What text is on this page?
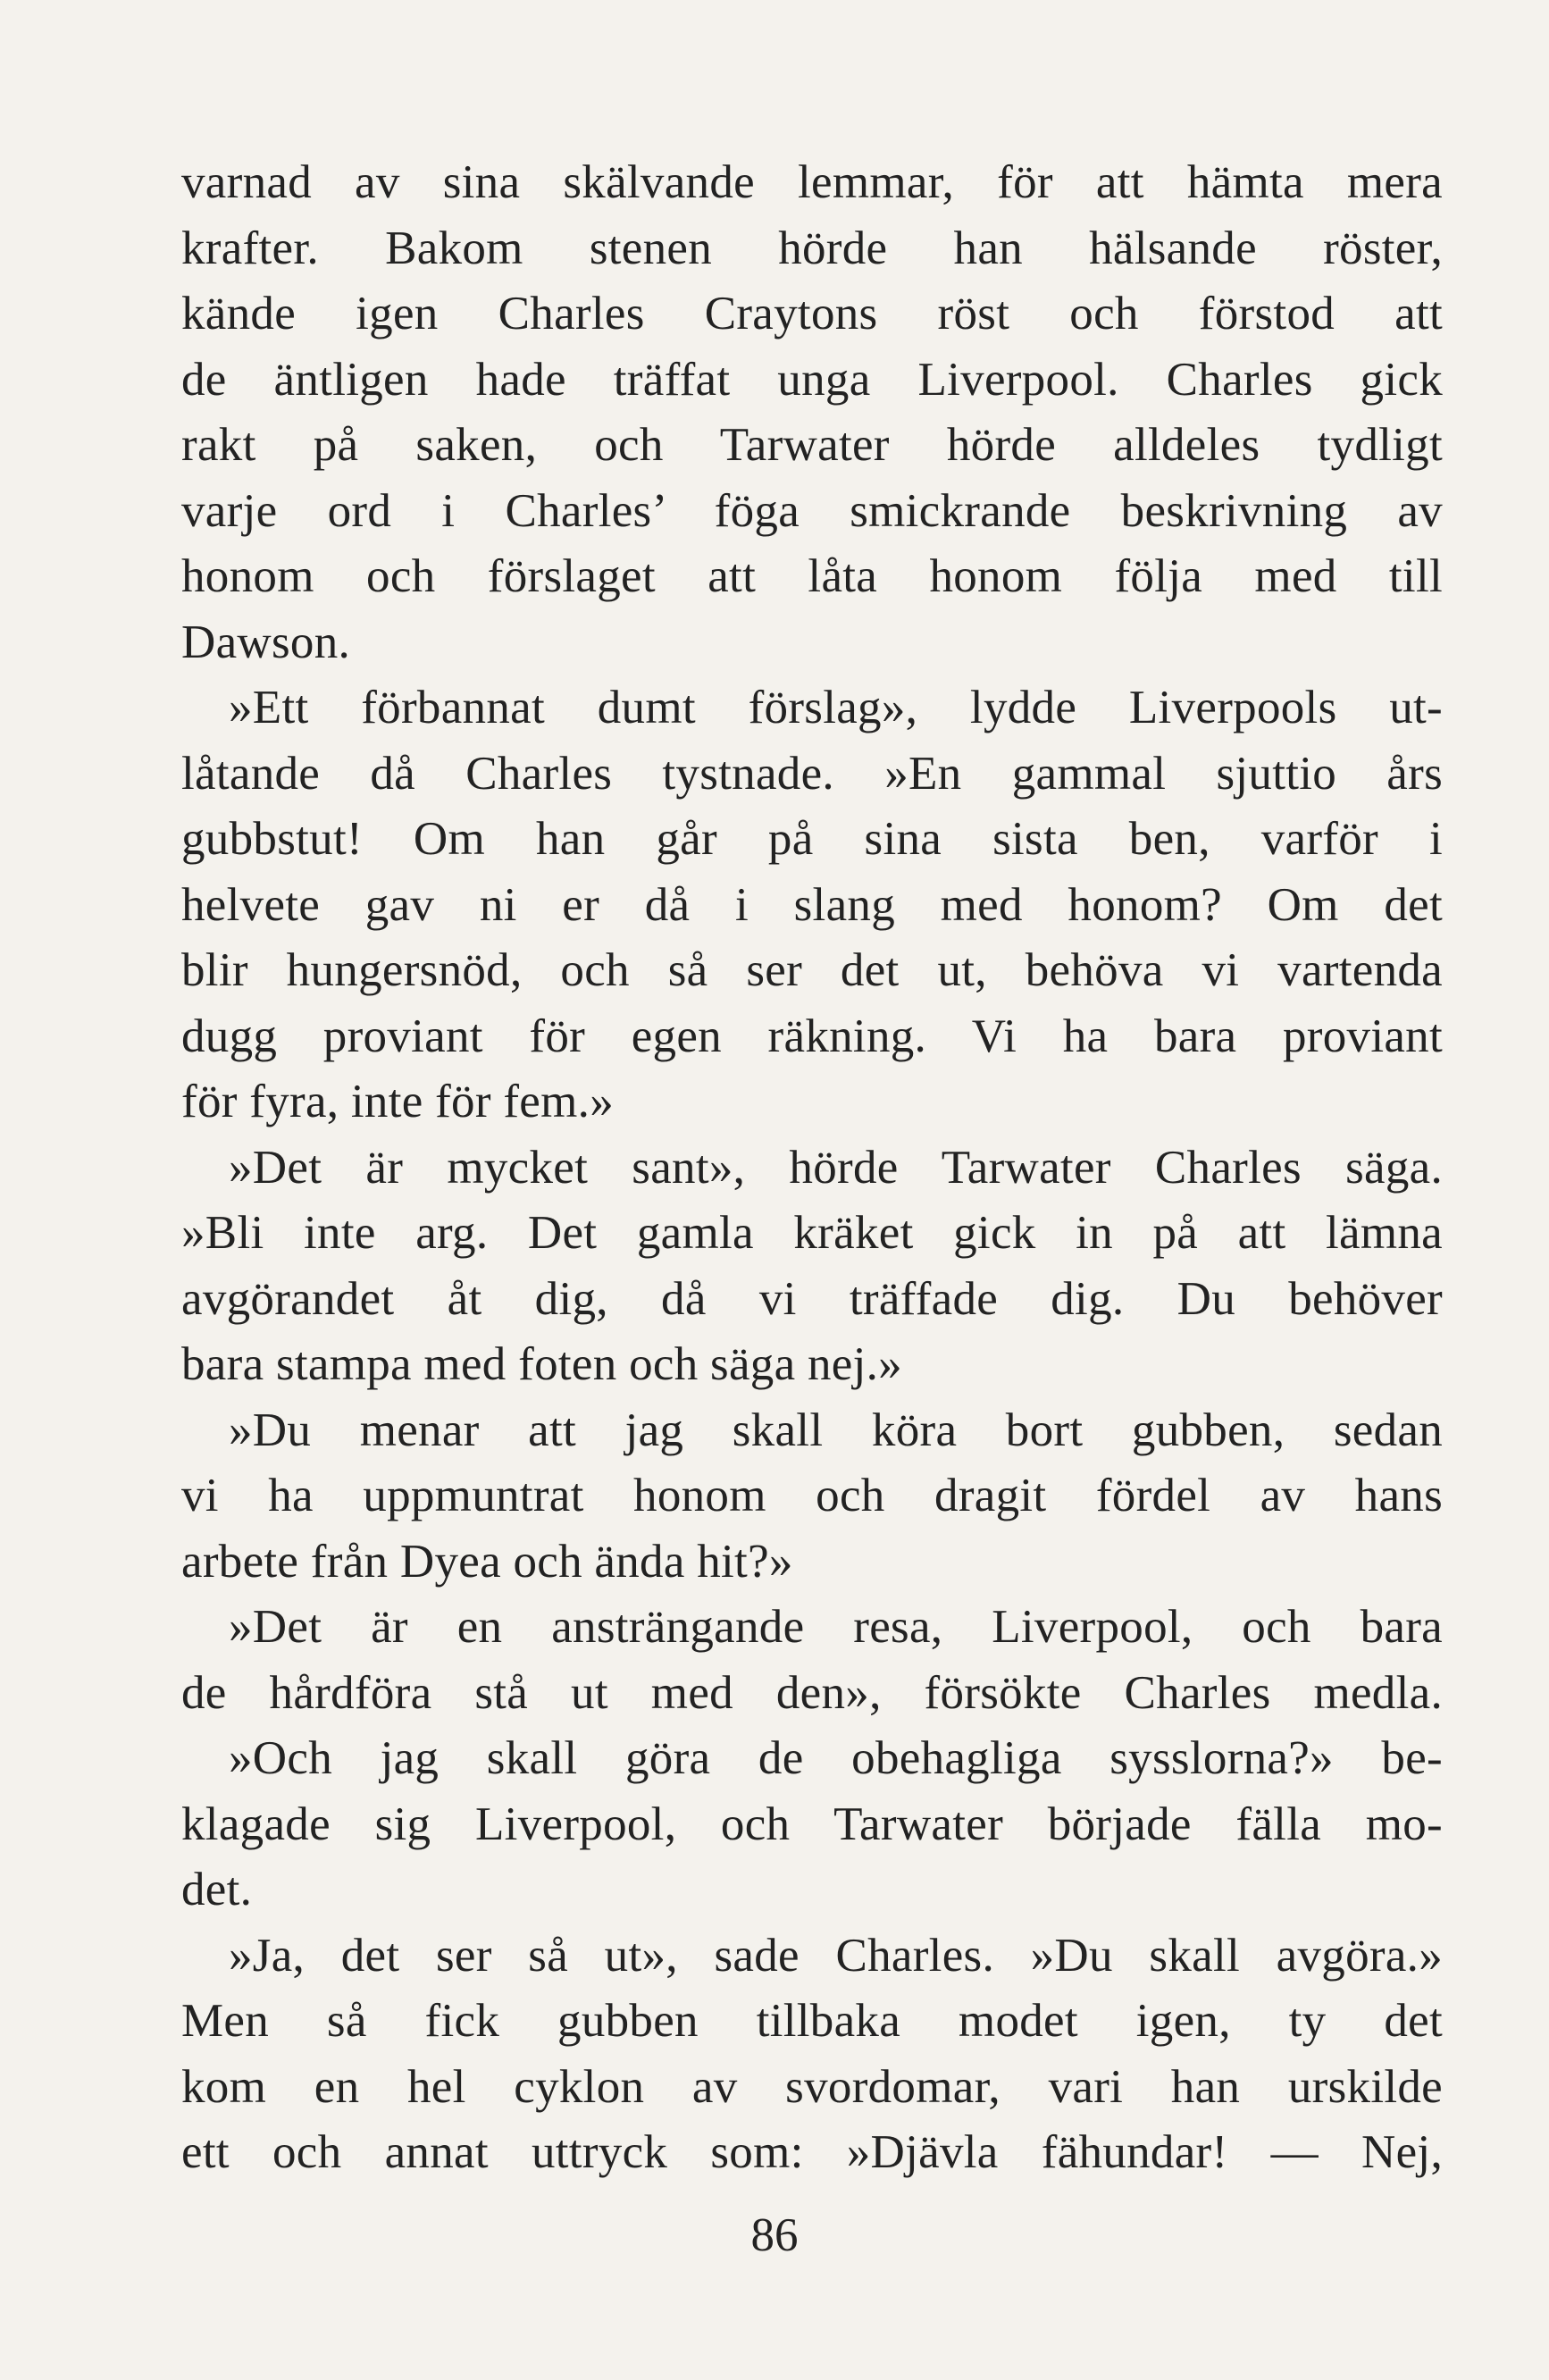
varnad av sina skälvande lemmar, för att hämta mera
krafter. Bakom stenen hörde han hälsande röster,
kände igen Charles Craytons röst och förstod att
de äntligen hade träffat unga Liverpool. Charles gick
rakt på saken, och Tarwater hörde alldeles tydligt
varje ord i Charles’ föga smickrande beskrivning av
honom och förslaget att låta honom följa med till
Dawson.
»Ett förbannat dumt förslag», lydde Liverpools ut-
låtande då Charles tystnade. »En gammal sjuttio års
gubbstut! Om han går på sina sista ben, varför i
helvete gav ni er då i slang med honom? Om det
blir hungersnöd, och så ser det ut, behöva vi vartenda
dugg proviant för egen räkning. Vi ha bara proviant
för fyra, inte för fem.»
»Det är mycket sant», hörde Tarwater Charles säga.
»Bli inte arg. Det gamla kräket gick in på att lämna
avgörandet åt dig, då vi träffade dig. Du behöver
bara stampa med foten och säga nej.»
»Du menar att jag skall köra bort gubben, sedan
vi ha uppmuntrat honom och dragit fördel av hans
arbete från Dyea och ända hit?»
»Det är en ansträngande resa, Liverpool, och bara
de hårdföra stå ut med den», försökte Charles medla.
»Och jag skall göra de obehagliga sysslorna?» be-
klagade sig Liverpool, och Tarwater började fälla mo-
det.
»Ja, det ser så ut», sade Charles. »Du skall avgöra.»
Men så fick gubben tillbaka modet igen, ty det
kom en hel cyklon av svordomar, vari han urskilde
ett och annat uttryck som: »Djävla fähundar! — Nej,
86
